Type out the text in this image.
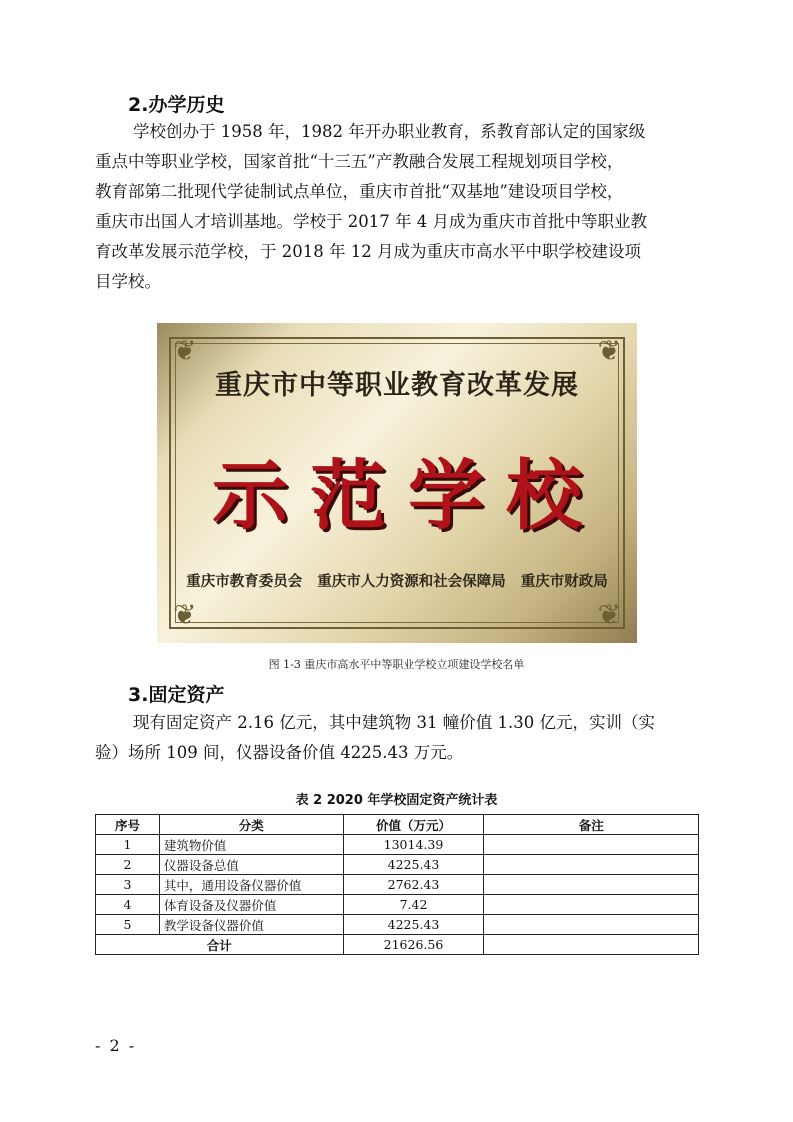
2.办学历史
学校创办于 1958 年，1982 年开办职业教育，系教育部认定的国家级
重点中等职业学校，国家首批“十三五”产教融合发展工程规划项目学校，
教育部第二批现代学徒制试点单位，重庆市首批“双基地”建设项目学校，
重庆市出国人才培训基地。学校于 2017 年 4 月成为重庆市首批中等职业教
育改革发展示范学校，于 2018 年 12 月成为重庆市高水平中职学校建设项
目学校。
❦	❦
❦	❦
重庆市中等职业教育改革发展
示范学校
重庆市教育委员会 重庆市人力资源和社会保障局 重庆市财政局
图 1-3 重庆市高水平中等职业学校立项建设学校名单
3.固定资产
现有固定资产 2.16 亿元，其中建筑物 31 幢价值 1.30 亿元，实训（实
验）场所 109 间，仪器设备价值 4225.43 万元。
表 2 2020 年学校固定资产统计表
序号	分类	价值（万元）	备注
1	建筑物价值	13014.39	
2	仪器设备总值	4225.43	
3	其中，通用设备仪器价值	2762.43	
4	体育设备及仪器价值	7.42	
5	教学设备仪器价值	4225.43	
合计		21626.56	
- 2 -
